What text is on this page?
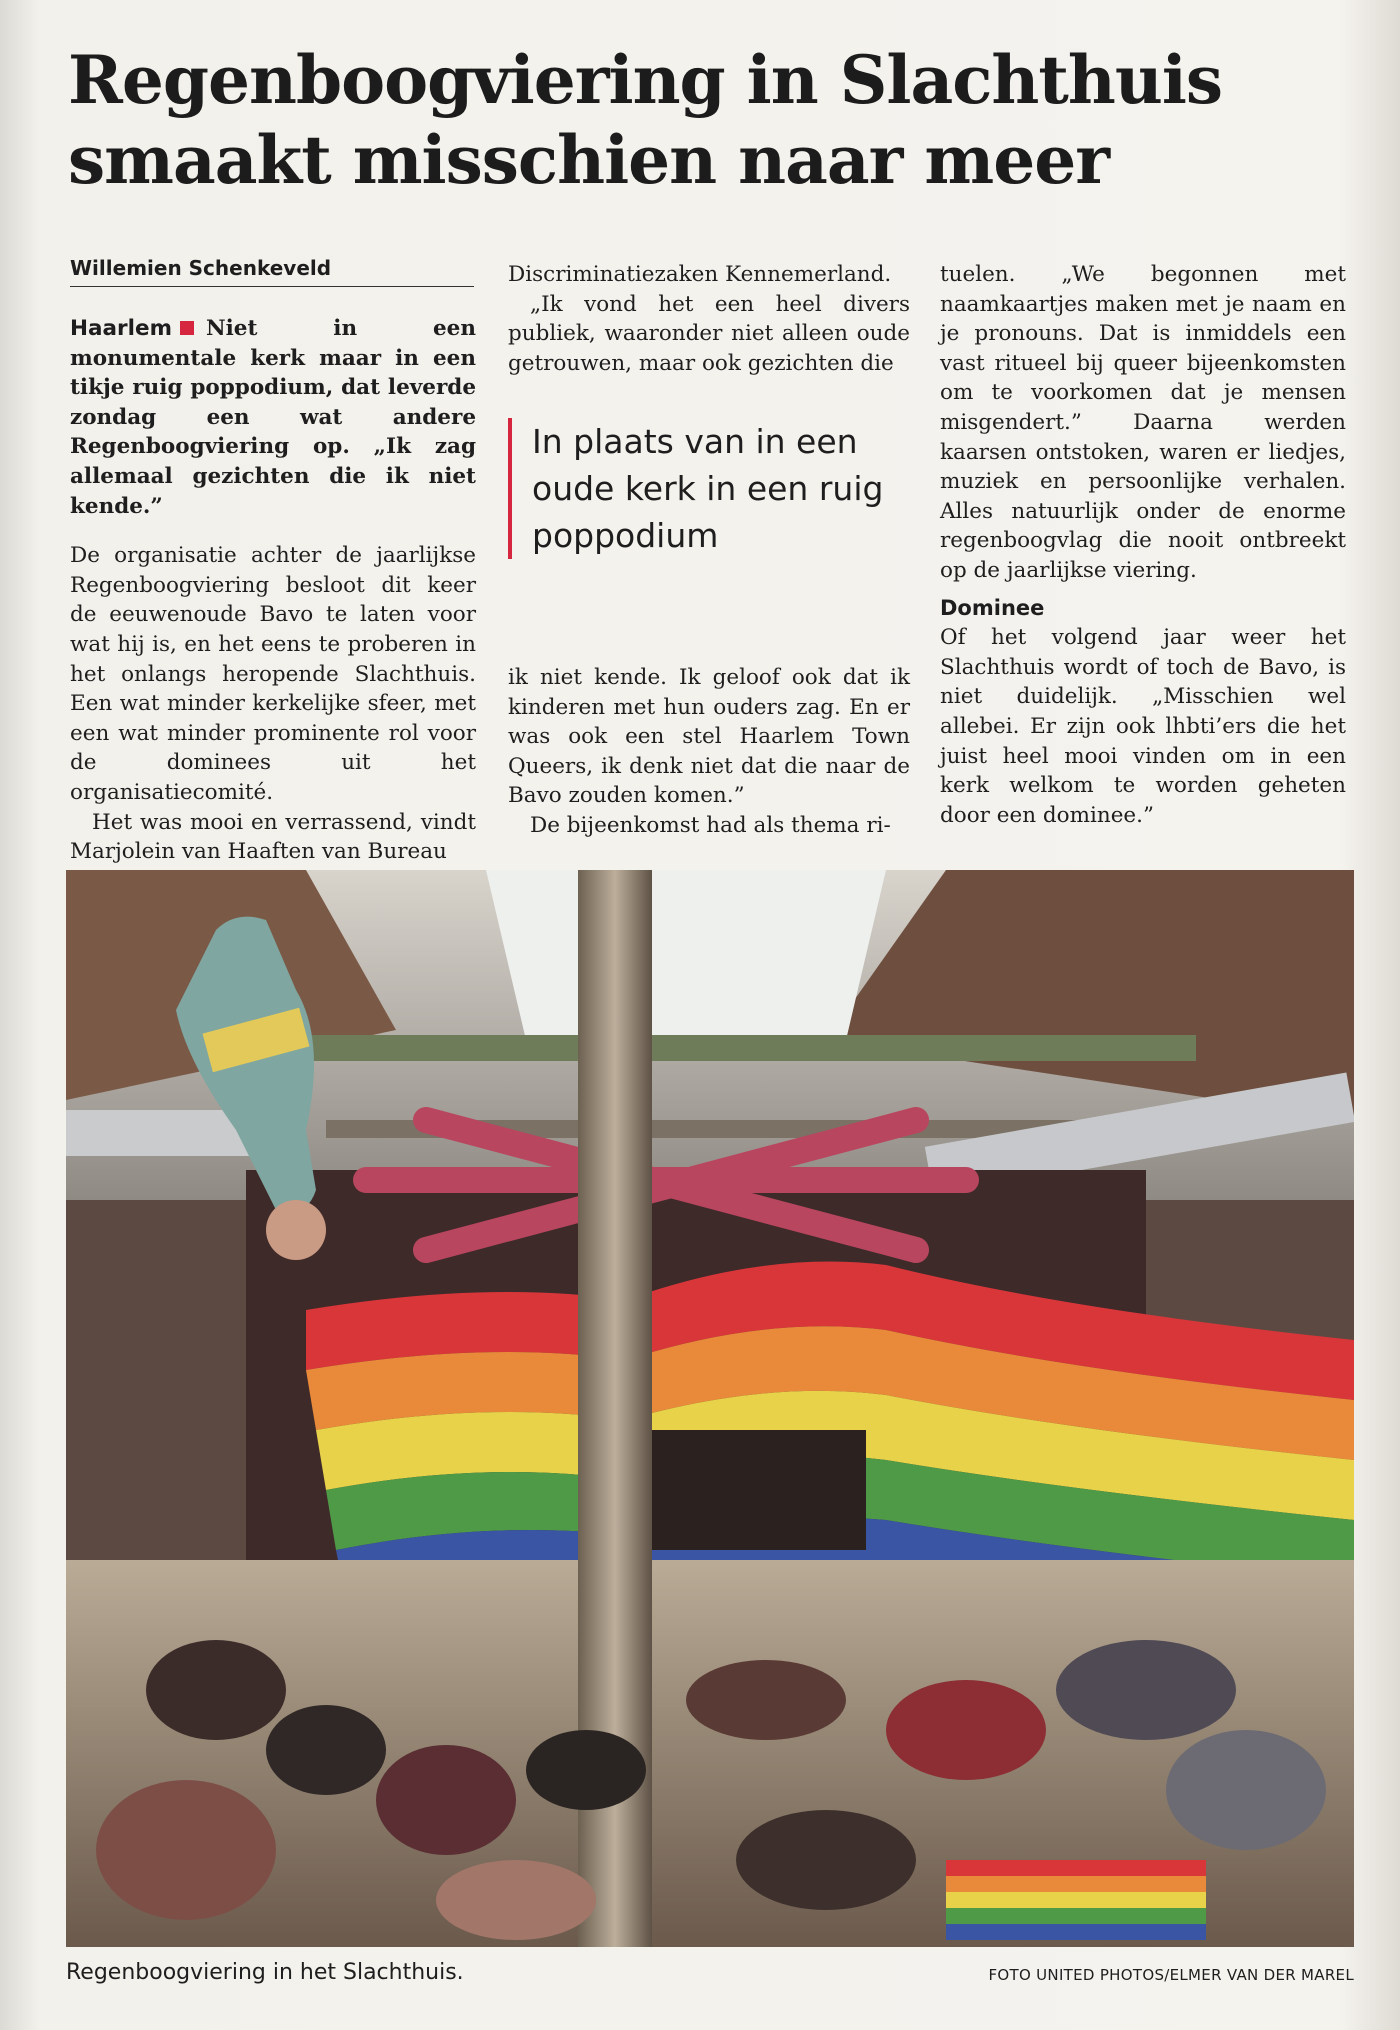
Regenboogviering in Slachthuis
smaakt misschien naar meer
Willemien Schenkeveld

Haarlem Niet in een monumentale kerk maar in een tikje ruig poppodium, dat leverde zondag een wat andere Regenboogviering op. „Ik zag allemaal gezichten die ik niet kende.”

De organisatie achter de jaarlijkse Regenboogviering besloot dit keer de eeuwenoude Bavo te laten voor wat hij is, en het eens te proberen in het onlangs heropende Slachthuis. Een wat minder kerkelijke sfeer, met een wat minder prominente rol voor de dominees uit het organisatiecomité.

Het was mooi en verrassend, vindt Marjolein van Haaften van Bureau

Discriminatiezaken Kennemerland.

„Ik vond het een heel divers publiek, waaronder niet alleen oude getrouwen, maar ook gezichten die

In plaats van in een oude kerk in een ruig poppodium

ik niet kende. Ik geloof ook dat ik kinderen met hun ouders zag. En er was ook een stel Haarlem Town Queers, ik denk niet dat die naar de Bavo zouden komen.”

De bijeenkomst had als thema ri-

tuelen. „We begonnen met naamkaartjes maken met je naam en je pronouns. Dat is inmiddels een vast ritueel bij queer bijeenkomsten om te voorkomen dat je mensen misgendert.” Daarna werden kaarsen ontstoken, waren er liedjes, muziek en persoonlijke verhalen. Alles natuurlijk onder de enorme regenboogvlag die nooit ontbreekt op de jaarlijkse viering.

Dominee

Of het volgend jaar weer het Slachthuis wordt of toch de Bavo, is niet duidelijk. „Misschien wel allebei. Er zijn ook lhbti’ers die het juist heel mooi vinden om in een kerk welkom te worden geheten door een dominee.”

Regenboogviering in het Slachthuis.	FOTO UNITED PHOTOS/ELMER VAN DER MAREL
